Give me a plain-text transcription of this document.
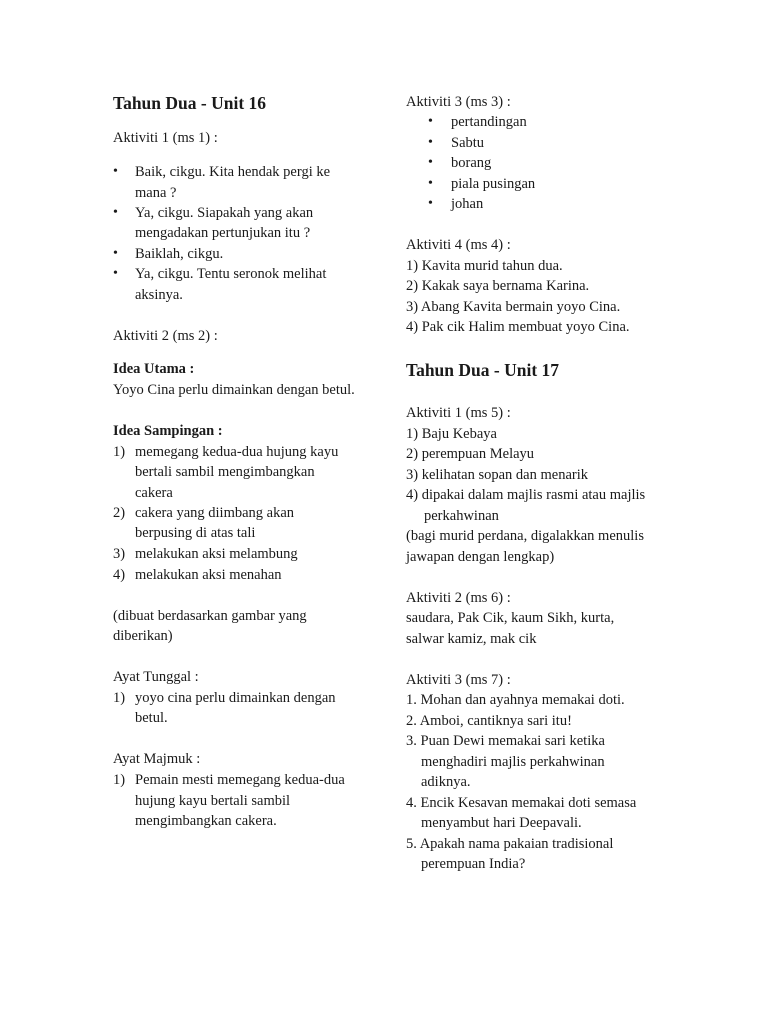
Tahun Dua - Unit 16
Aktiviti 1 (ms 1) :
• Baik, cikgu. Kita hendak pergi ke
mana ?
• Ya, cikgu. Siapakah yang akan
mengadakan pertunjukan itu ?
• Baiklah, cikgu.
• Ya, cikgu. Tentu seronok melihat
aksinya.
Aktiviti 2 (ms 2) :
Idea Utama :
Yoyo Cina perlu dimainkan dengan betul.
Idea Sampingan :
1) memegang kedua-dua hujung kayu
bertali sambil mengimbangkan
cakera
2) cakera yang diimbang akan
berpusing di atas tali
3) melakukan aksi melambung
4) melakukan aksi menahan
(dibuat berdasarkan gambar yang
diberikan)
Ayat Tunggal :
1) yoyo cina perlu dimainkan dengan
betul.
Ayat Majmuk :
1) Pemain mesti memegang kedua-dua
hujung kayu bertali sambil
mengimbangkan cakera.
Aktiviti 3 (ms 3) :
• pertandingan
• Sabtu
• borang
• piala pusingan
• johan
Aktiviti 4 (ms 4) :
1) Kavita murid tahun dua.
2) Kakak saya bernama Karina.
3) Abang Kavita bermain yoyo Cina.
4) Pak cik Halim membuat yoyo Cina.
Tahun Dua - Unit 17
Aktiviti 1 (ms 5) :
1) Baju Kebaya
2) perempuan Melayu
3) kelihatan sopan dan menarik
4) dipakai dalam majlis rasmi atau majlis
perkahwinan
(bagi murid perdana, digalakkan menulis
jawapan dengan lengkap)
Aktiviti 2 (ms 6) :
saudara, Pak Cik, kaum Sikh, kurta,
salwar kamiz, mak cik
Aktiviti 3 (ms 7) :
1. Mohan dan ayahnya memakai doti.
2. Amboi, cantiknya sari itu!
3. Puan Dewi memakai sari ketika
menghadiri majlis perkahwinan
adiknya.
4. Encik Kesavan memakai doti semasa
menyambut hari Deepavali.
5. Apakah nama pakaian tradisional
perempuan India?
